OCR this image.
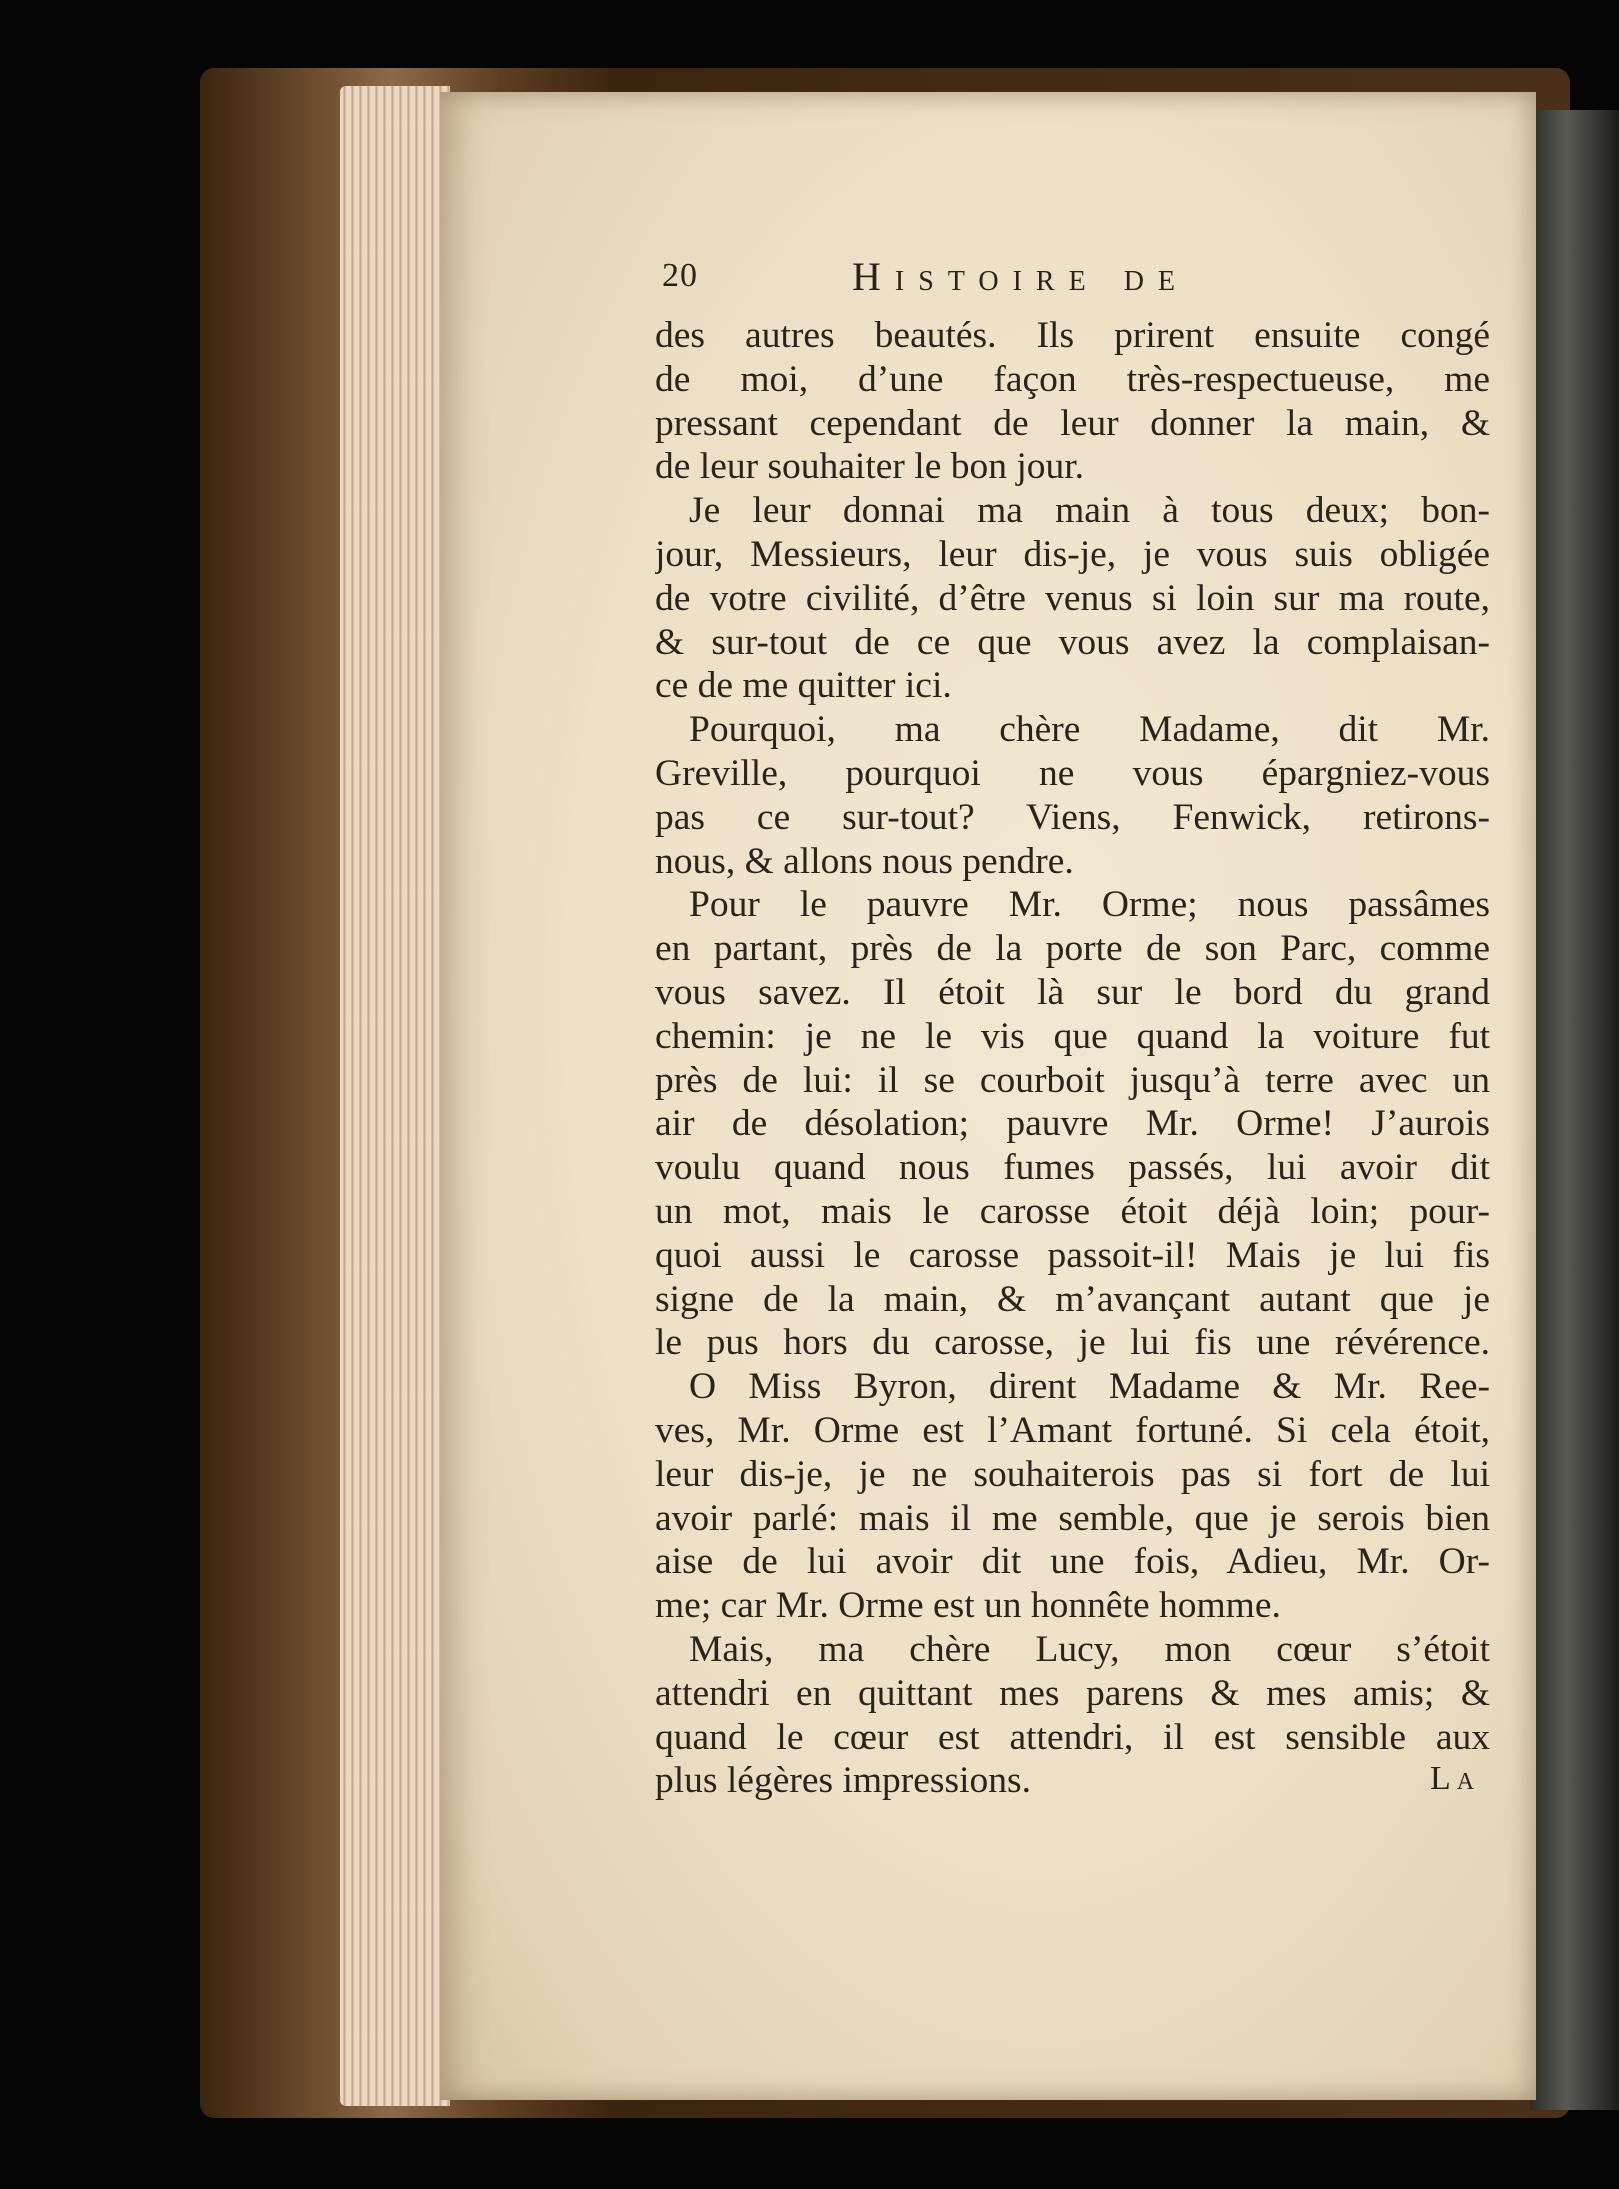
20	Histoire de
des autres beautés. Ils prirent ensuite congé
de moi, d’une façon très-respectueuse, me
pressant cependant de leur donner la main, &
de leur souhaiter le bon jour.
Je leur donnai ma main à tous deux; bon-
jour, Messieurs, leur dis-je, je vous suis obligée
de votre civilité, d’être venus si loin sur ma route,
& sur-tout de ce que vous avez la complaisan-
ce de me quitter ici.
Pourquoi, ma chère Madame, dit Mr.
Greville, pourquoi ne vous épargniez-vous
pas ce sur-tout? Viens, Fenwick, retirons-
nous, & allons nous pendre.
Pour le pauvre Mr. Orme; nous passâmes
en partant, près de la porte de son Parc, comme
vous savez. Il étoit là sur le bord du grand
chemin: je ne le vis que quand la voiture fut
près de lui: il se courboit jusqu’à terre avec un
air de désolation; pauvre Mr. Orme! J’aurois
voulu quand nous fumes passés, lui avoir dit
un mot, mais le carosse étoit déjà loin; pour-
quoi aussi le carosse passoit-il! Mais je lui fis
signe de la main, & m’avançant autant que je
le pus hors du carosse, je lui fis une révérence.
O Miss Byron, dirent Madame & Mr. Ree-
ves, Mr. Orme est l’Amant fortuné. Si cela étoit,
leur dis-je, je ne souhaiterois pas si fort de lui
avoir parlé: mais il me semble, que je serois bien
aise de lui avoir dit une fois, Adieu, Mr. Or-
me; car Mr. Orme est un honnête homme.
Mais, ma chère Lucy, mon cœur s’étoit
attendri en quittant mes parens & mes amis; &
quand le cœur est attendri, il est sensible aux
plus légères impressions.	La
